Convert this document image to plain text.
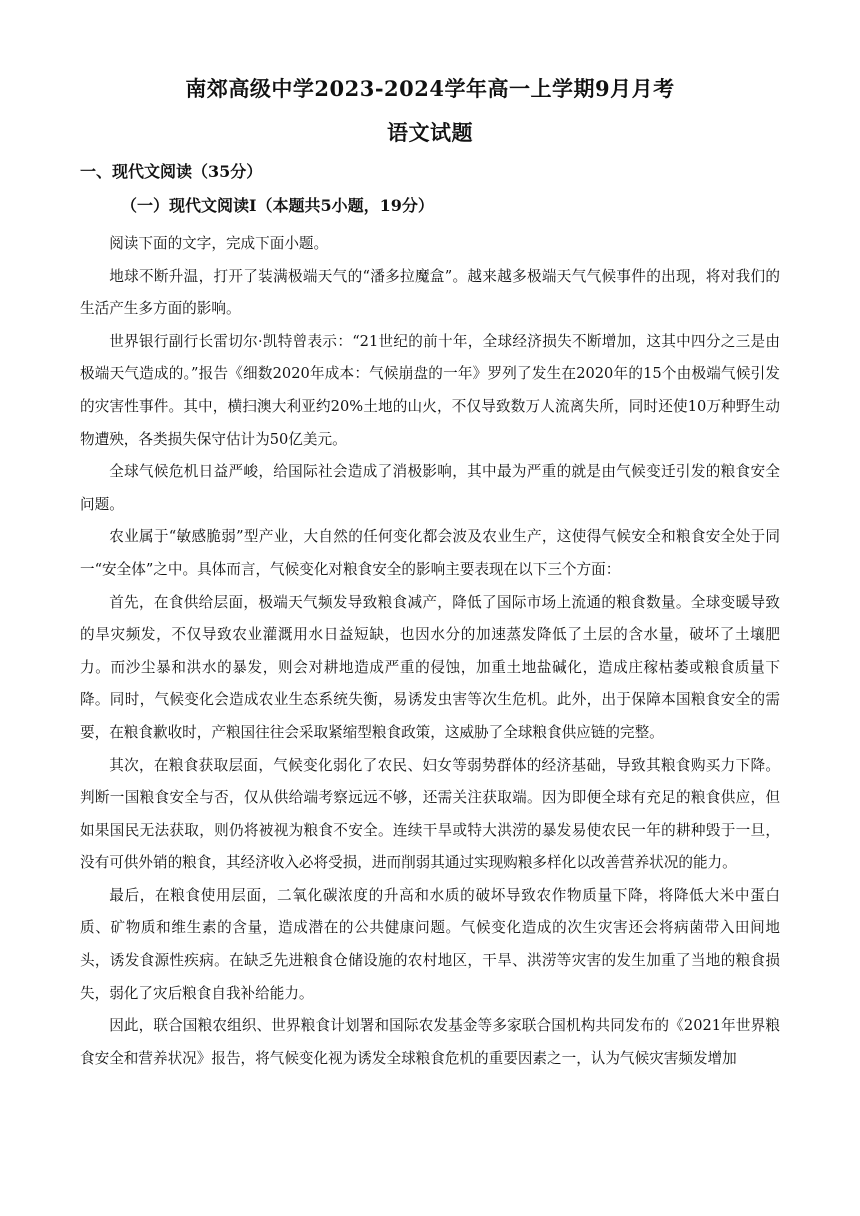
南郊高级中学2023-2024学年高一上学期9月月考
语文试题
一、现代文阅读（35分）
（一）现代文阅读Ⅰ（本题共5小题，19分）

阅读下面的文字，完成下面小题。

地球不断升温，打开了装满极端天气的“潘多拉魔盒”。越来越多极端天气气候事件的出现，将对我们的生活产生多方面的影响。

世界银行副行长雷切尔·凯特曾表示：“21世纪的前十年，全球经济损失不断增加，这其中四分之三是由极端天气造成的。”报告《细数2020年成本：气候崩盘的一年》罗列了发生在2020年的15个由极端气候引发的灾害性事件。其中，横扫澳大利亚约20%土地的山火，不仅导致数万人流离失所，同时还使10万种野生动物遭殃，各类损失保守估计为50亿美元。

全球气候危机日益严峻，给国际社会造成了消极影响，其中最为严重的就是由气候变迁引发的粮食安全问题。

农业属于“敏感脆弱”型产业，大自然的任何变化都会波及农业生产，这使得气候安全和粮食安全处于同一“安全体”之中。具体而言，气候变化对粮食安全的影响主要表现在以下三个方面：

首先，在食供给层面，极端天气频发导致粮食减产，降低了国际市场上流通的粮食数量。全球变暖导致的旱灾频发，不仅导致农业灌溉用水日益短缺，也因水分的加速蒸发降低了土层的含水量，破坏了土壤肥力。而沙尘暴和洪水的暴发，则会对耕地造成严重的侵蚀，加重土地盐碱化，造成庄稼枯萎或粮食质量下降。同时，气候变化会造成农业生态系统失衡，易诱发虫害等次生危机。此外，出于保障本国粮食安全的需要，在粮食歉收时，产粮国往往会采取紧缩型粮食政策，这威胁了全球粮食供应链的完整。

其次，在粮食获取层面，气候变化弱化了农民、妇女等弱势群体的经济基础，导致其粮食购买力下降。判断一国粮食安全与否，仅从供给端考察远远不够，还需关注获取端。因为即便全球有充足的粮食供应，但如果国民无法获取，则仍将被视为粮食不安全。连续干旱或特大洪涝的暴发易使农民一年的耕种毁于一旦，没有可供外销的粮食，其经济收入必将受损，进而削弱其通过实现购粮多样化以改善营养状况的能力。

最后，在粮食使用层面，二氧化碳浓度的升高和水质的破坏导致农作物质量下降，将降低大米中蛋白质、矿物质和维生素的含量，造成潜在的公共健康问题。气候变化造成的次生灾害还会将病菌带入田间地头，诱发食源性疾病。在缺乏先进粮食仓储设施的农村地区，干旱、洪涝等灾害的发生加重了当地的粮食损失，弱化了灾后粮食自我补给能力。

因此，联合国粮农组织、世界粮食计划署和国际农发基金等多家联合国机构共同发布的《2021年世界粮食安全和营养状况》报告，将气候变化视为诱发全球粮食危机的重要因素之一，认为气候灾害频发增加
